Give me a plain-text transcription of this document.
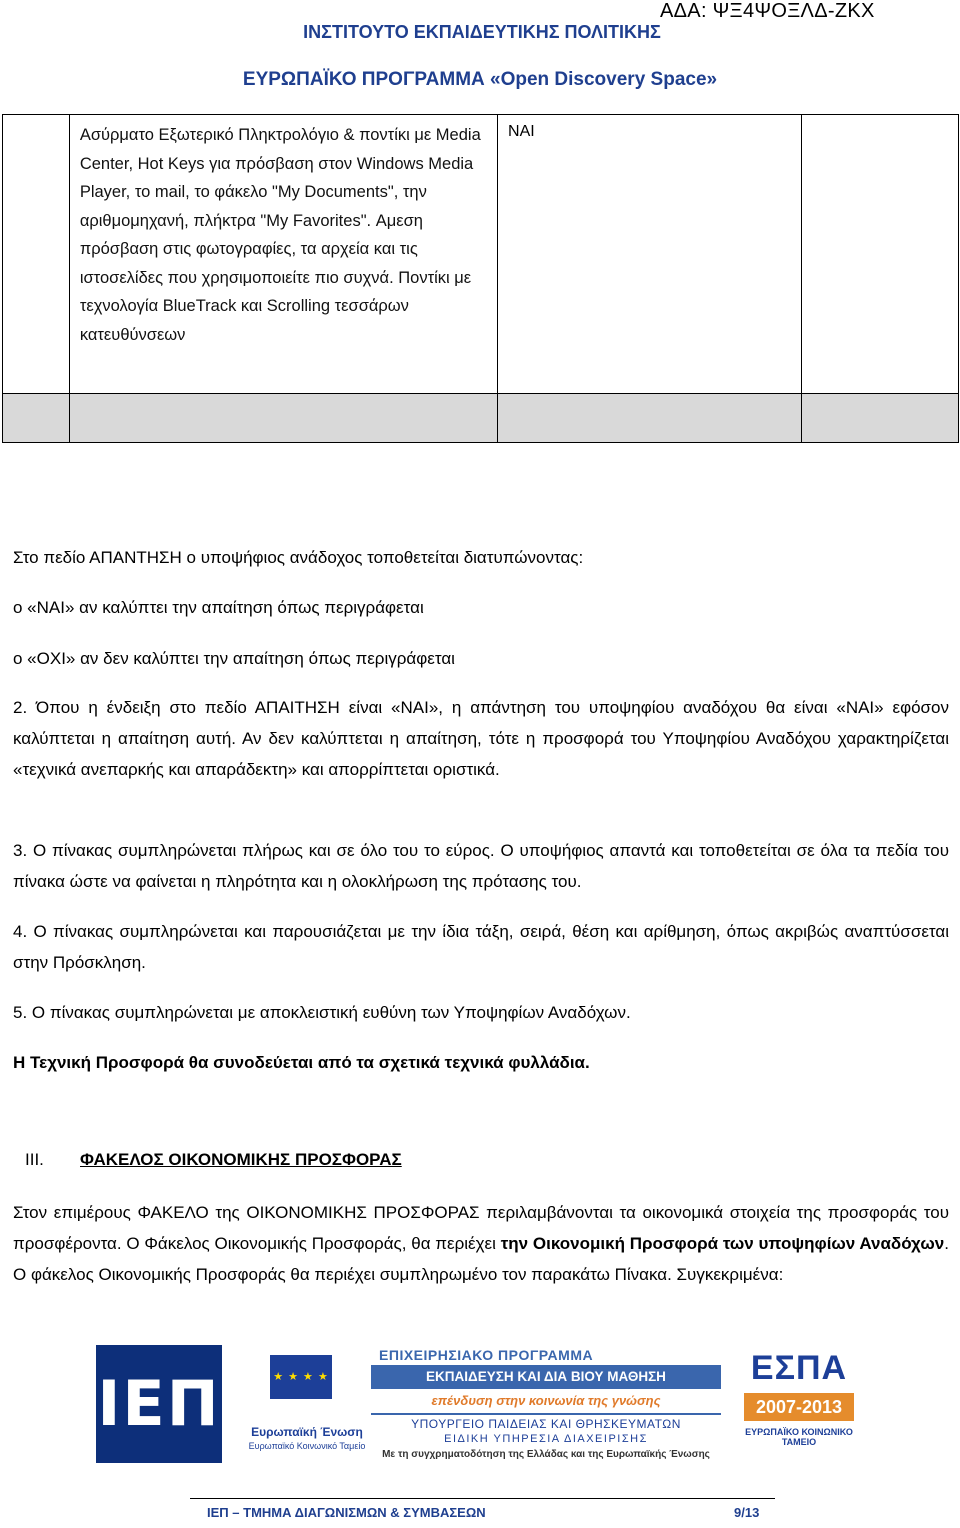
ΑΔΑ: ΨΞ4ΨΟΞΛΔ-ΖΚΧ
ΙΝΣΤΙΤΟΥΤΟ ΕΚΠΑΙΔΕΥΤΙΚΗΣ ΠΟΛΙΤΙΚΗΣ
ΕΥΡΩΠΑΪΚΟ ΠΡΟΓΡΑΜΜΑ «Open Discovery Space»

	Ασύρματο Εξωτερικό Πληκτρολόγιο & ποντίκι με Media Center, Hot Keys για πρόσβαση στον Windows Media Player, το mail, το φάκελο "My Documents", την αριθμομηχανή, πλήκτρα "My Favorites". Αμεση πρόσβαση στις φωτογραφίες, τα αρχεία και τις ιστοσελίδες που χρησιμοποιείτε πιο συχνά. Ποντίκι με τεχνολογία BlueTrack και Scrolling τεσσάρων κατευθύνσεων	ΝΑΙ	

Στο πεδίο ΑΠΑΝΤΗΣΗ ο υποψήφιος ανάδοχος τοποθετείται διατυπώνοντας:

ο «ΝΑΙ» αν καλύπτει την απαίτηση όπως περιγράφεται

ο «ΟΧΙ» αν δεν καλύπτει την απαίτηση όπως περιγράφεται

2. Όπου η ένδειξη στο πεδίο ΑΠΑΙΤΗΣΗ είναι «ΝΑΙ», η απάντηση του υποψηφίου αναδόχου θα είναι «ΝΑΙ» εφόσον καλύπτεται η απαίτηση αυτή. Αν δεν καλύπτεται η απαίτηση, τότε η προσφορά του Υποψηφίου Αναδόχου χαρακτηρίζεται «τεχνικά ανεπαρκής και απαράδεκτη» και απορρίπτεται οριστικά.

3. Ο πίνακας συμπληρώνεται πλήρως και σε όλο του το εύρος. Ο υποψήφιος απαντά και τοποθετείται σε όλα τα πεδία του πίνακα ώστε να φαίνεται η πληρότητα και η ολοκλήρωση της πρότασης του.

4. Ο πίνακας συμπληρώνεται και παρουσιάζεται με την ίδια τάξη, σειρά, θέση και αρίθμηση, όπως ακριβώς αναπτύσσεται στην Πρόσκληση.

5. Ο πίνακας συμπληρώνεται με αποκλειστική ευθύνη των Υποψηφίων Αναδόχων.

Η Τεχνική Προσφορά θα συνοδεύεται από τα σχετικά τεχνικά φυλλάδια.

III. ΦΑΚΕΛΟΣ ΟΙΚΟΝΟΜΙΚΗΣ ΠΡΟΣΦΟΡΑΣ

Στον επιμέρους ΦΑΚΕΛΟ της ΟΙΚΟΝΟΜΙΚΗΣ ΠΡΟΣΦΟΡΑΣ περιλαμβάνονται τα οικονομικά στοιχεία της προσφοράς του προσφέροντα. Ο Φάκελος Οικονομικής Προσφοράς, θα περιέχει την Οικονομική Προσφορά των υποψηφίων Αναδόχων. Ο φάκελος Οικονομικής Προσφοράς θα περιέχει συμπληρωμένο τον παρακάτω Πίνακα. Συγκεκριμένα:

ΙΕΠ	★ ★ ★ ★
Ευρωπαϊκή Ένωση
Ευρωπαϊκό Κοινωνικό Ταμείο
ΕΠΙΧΕΙΡΗΣΙΑΚΟ ΠΡΟΓΡΑΜΜΑ
ΕΚΠΑΙΔΕΥΣΗ ΚΑΙ ΔΙΑ ΒΙΟΥ ΜΑΘΗΣΗ
επένδυση στην κοινωνία της γνώσης
ΥΠΟΥΡΓΕΙΟ ΠΑΙΔΕΙΑΣ ΚΑΙ ΘΡΗΣΚΕΥΜΑΤΩΝ
ΕΙΔΙΚΗ ΥΠΗΡΕΣΙΑ ΔΙΑΧΕΙΡΙΣΗΣ
Με τη συγχρηματοδότηση της Ελλάδας και της Ευρωπαϊκής Ένωσης
ΕΣΠΑ
2007-2013
ΕΥΡΩΠΑΪΚΟ ΚΟΙΝΩΝΙΚΟ ΤΑΜΕΙΟ
ΙΕΠ – ΤΜΗΜΑ ΔΙΑΓΩΝΙΣΜΩΝ & ΣΥΜΒΑΣΕΩΝ	9/13
